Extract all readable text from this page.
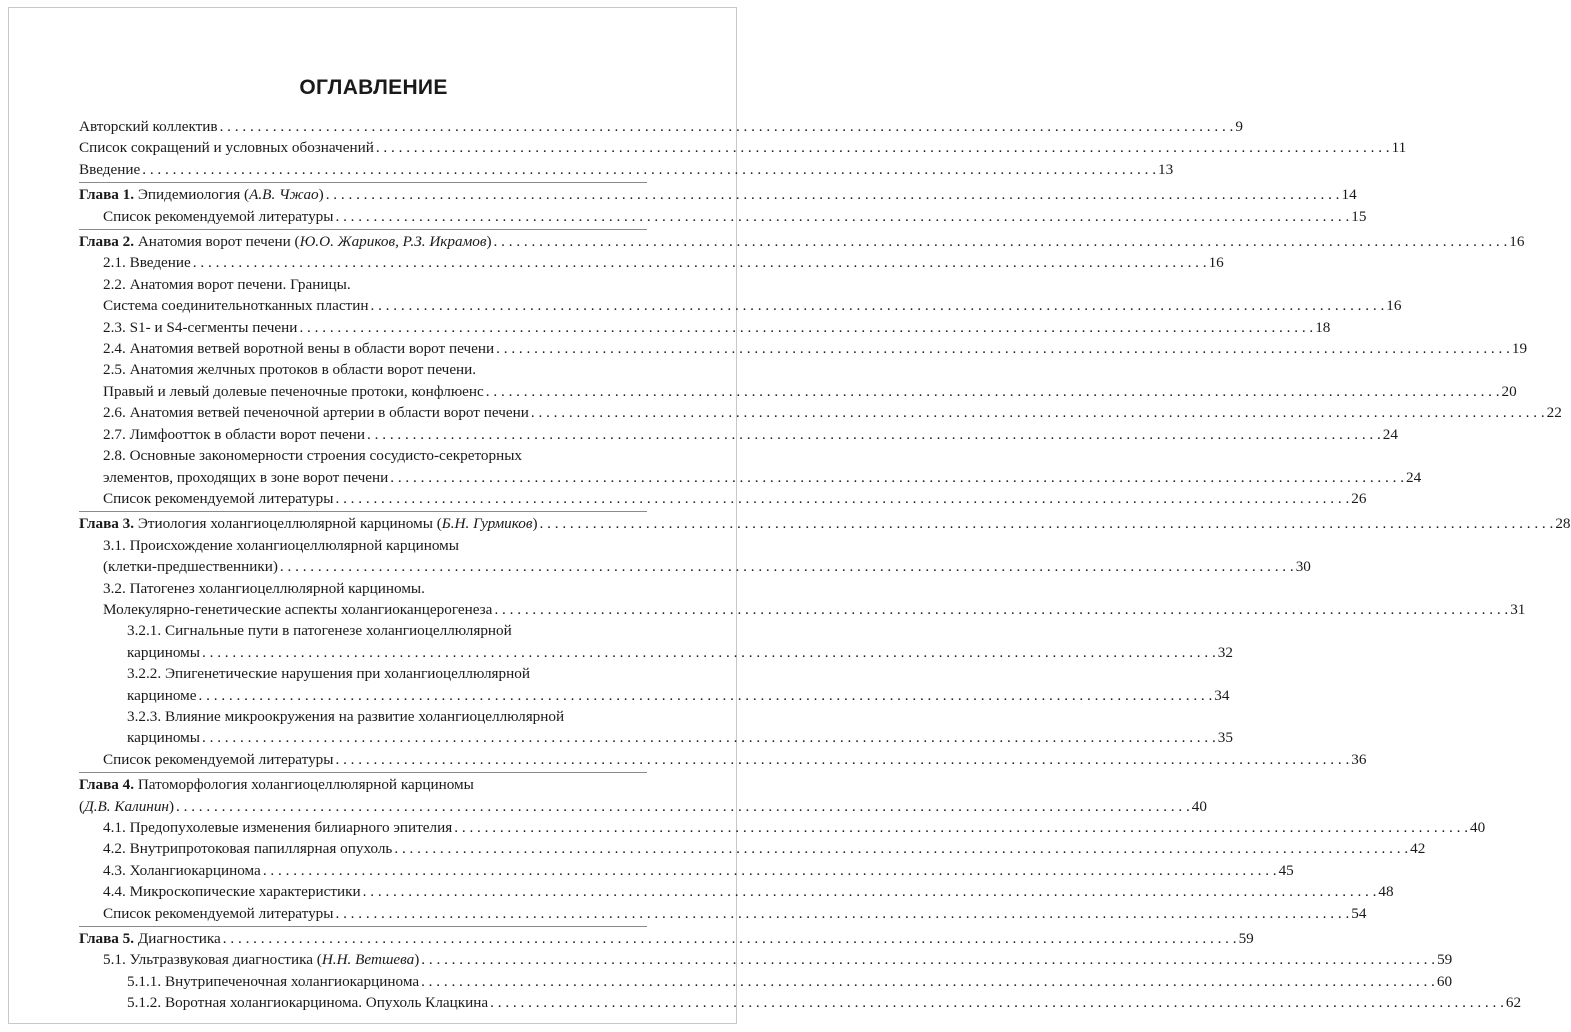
ОГЛАВЛЕНИЕ
Авторский коллектив . . .	9
Список сокращений и условных обозначений . . .	11
Введение . . .	13
Глава 1. Эпидемиология (А.В. Чжао) . . .	14
Список рекомендуемой литературы . . .	15
Глава 2. Анатомия ворот печени (Ю.О. Жариков, Р.З. Икрамов) . . .	16
2.1. Введение . . .	16
2.2. Анатомия ворот печени. Границы.
Система соединительнотканных пластин . . .	16
2.3. S1- и S4-сегменты печени . . .	18
2.4. Анатомия ветвей воротной вены в области ворот печени . . .	19
2.5. Анатомия желчных протоков в области ворот печени.
Правый и левый долевые печеночные протоки, конфлюенс . . .	20
2.6. Анатомия ветвей печеночной артерии в области ворот печени . . .	22
2.7. Лимфоотток в области ворот печени . . .	24
2.8. Основные закономерности строения сосудисто-секреторных
элементов, проходящих в зоне ворот печени . . .	24
Список рекомендуемой литературы . . .	26
Глава 3. Этиология холангиоцеллюлярной карциномы (Б.Н. Гурмиков) . . .	28
3.1. Происхождение холангиоцеллюлярной карциномы
(клетки-предшественники) . . .	30
3.2. Патогенез холангиоцеллюлярной карциномы.
Молекулярно-генетические аспекты холангиоканцерогенеза . . .	31
3.2.1. Сигнальные пути в патогенезе холангиоцеллюлярной
карциномы . . .	32
3.2.2. Эпигенетические нарушения при холангиоцеллюлярной
карциноме . . .	34
3.2.3. Влияние микроокружения на развитие холангиоцеллюлярной
карциномы . . .	35
Список рекомендуемой литературы . . .	36
Глава 4. Патоморфология холангиоцеллюлярной карциномы
(Д.В. Калинин) . . .	40
4.1. Предопухолевые изменения билиарного эпителия . . .	40
4.2. Внутрипротоковая папиллярная опухоль . . .	42
4.3. Холангиокарцинома . . .	45
4.4. Микроскопические характеристики . . .	48
Список рекомендуемой литературы . . .	54
Глава 5. Диагностика . . .	59
5.1. Ультразвуковая диагностика (Н.Н. Ветшева) . . .	59
5.1.1. Внутрипеченочная холангиокарцинома . . .	60
5.1.2. Воротная холангиокарцинома. Опухоль Клацкина . . .	62
